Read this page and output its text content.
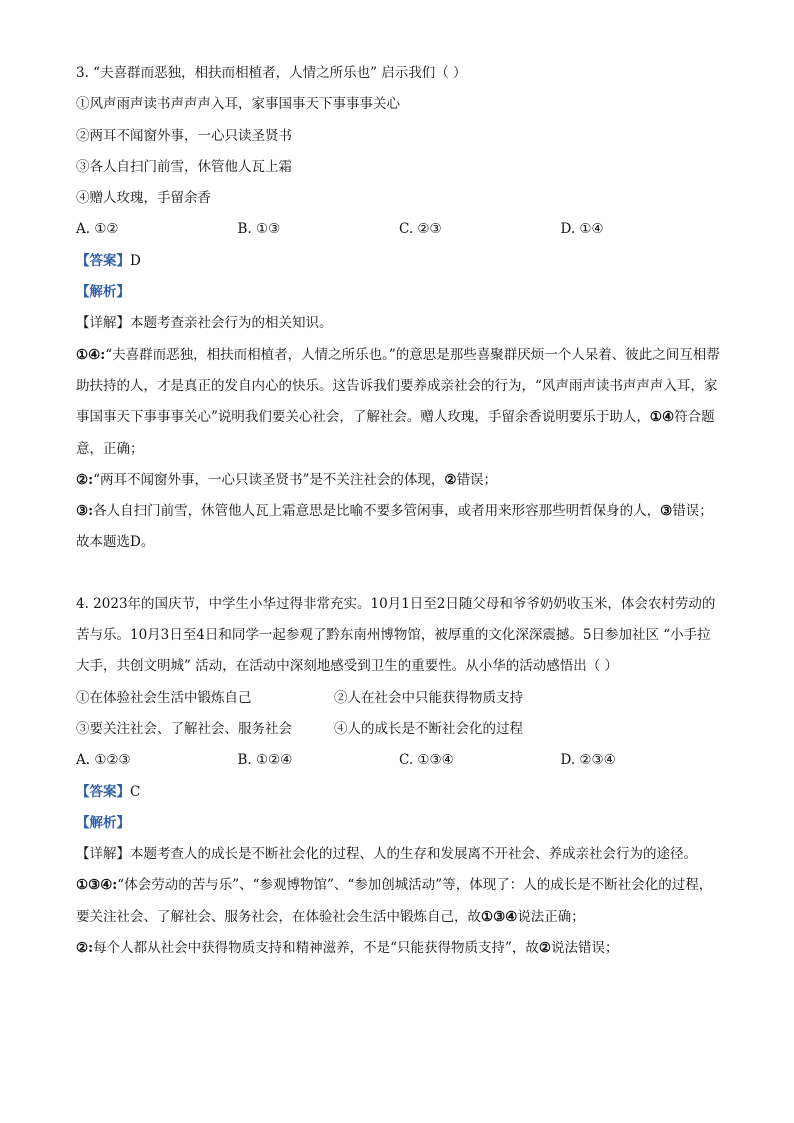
3. “夫喜群而恶独，相扶而相植者，人情之所乐也” 启示我们（ ）
①风声雨声读书声声声入耳，家事国事天下事事事关心
②两耳不闻窗外事，一心只读圣贤书
③各人自扫门前雪，休管他人瓦上霜
④赠人玫瑰，手留余香
A. ①②	B. ①③	C. ②③	D. ①④
【答案】D
【解析】
【详解】本题考查亲社会行为的相关知识。
①④:“夫喜群而恶独，相扶而相植者，人情之所乐也。”的意思是那些喜聚群厌烦一个人呆着、彼此之间互相帮助扶持的人，才是真正的发自内心的快乐。这告诉我们要养成亲社会的行为，“风声雨声读书声声声入耳，家事国事天下事事事关心”说明我们要关心社会，了解社会。赠人玫瑰，手留余香说明要乐于助人，①④符合题意，正确；
②:“两耳不闻窗外事，一心只读圣贤书”是不关注社会的体现，②错误；
③:各人自扫门前雪，休管他人瓦上霜意思是比喻不要多管闲事，或者用来形容那些明哲保身的人，③错误；
故本题选D。
4. 2023年的国庆节，中学生小华过得非常充实。10月1日至2日随父母和爷爷奶奶收玉米，体会农村劳动的苦与乐。10月3日至4日和同学一起参观了黔东南州博物馆，被厚重的文化深深震撼。5日参加社区 “小手拉大手，共创文明城” 活动，在活动中深刻地感受到卫生的重要性。从小华的活动感悟出（ ）
①在体验社会生活中锻炼自己	②人在社会中只能获得物质支持
③要关注社会、了解社会、服务社会	④人的成长是不断社会化的过程
A. ①②③	B. ①②④	C. ①③④	D. ②③④
【答案】C
【解析】
【详解】本题考查人的成长是不断社会化的过程、人的生存和发展离不开社会、养成亲社会行为的途径。
①③④:“体会劳动的苦与乐”、“参观博物馆”、“参加创城活动”等，体现了：人的成长是不断社会化的过程，要关注社会、了解社会、服务社会，在体验社会生活中锻炼自己，故①③④说法正确；
②:每个人都从社会中获得物质支持和精神滋养，不是“只能获得物质支持”，故②说法错误；
